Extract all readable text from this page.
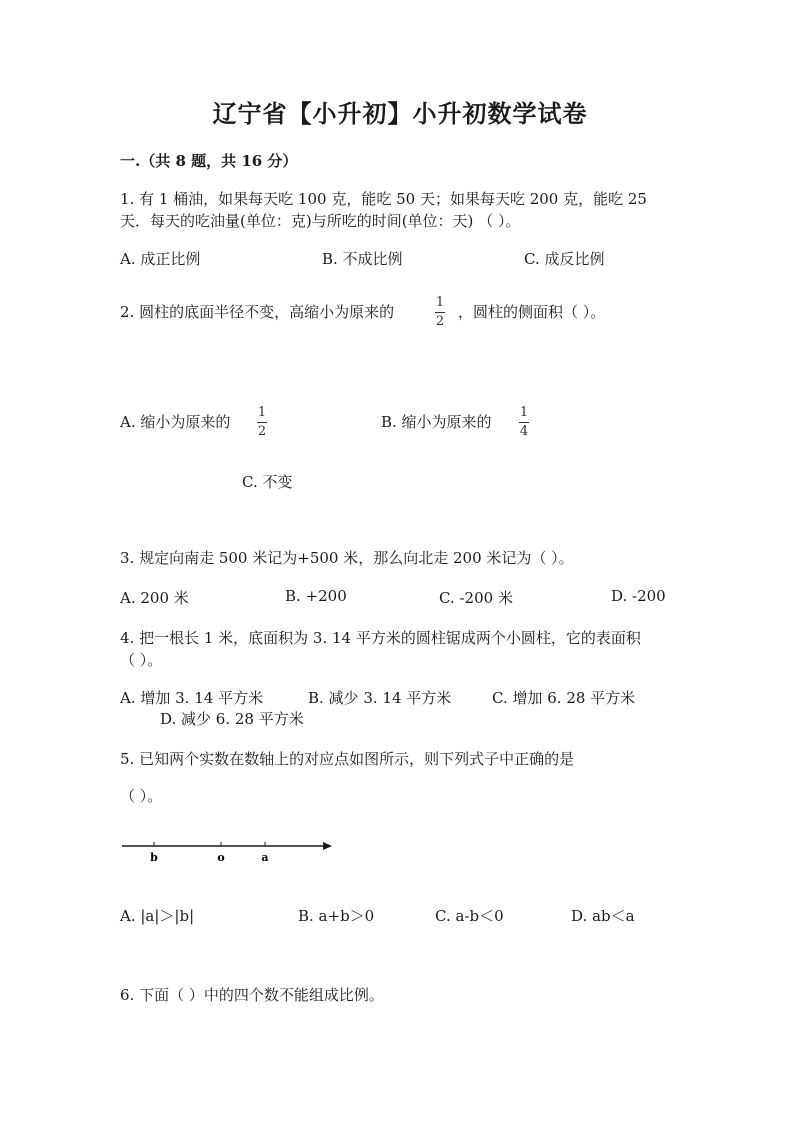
辽宁省【小升初】小升初数学试卷
一.（共 8 题，共 16 分）
1. 有 1 桶油，如果每天吃 100 克，能吃 50 天；如果每天吃 200 克，能吃 25
天．每天的吃油量(单位：克)与所吃的时间(单位：天) （ ）。
A. 成正比例	B. 不成比例	C. 成反比例
2. 圆柱的底面半径不变，高缩小为原来的
1
2
，圆柱的侧面积（ ）。
A. 缩小为原来的
1
2
B. 缩小为原来的
1
4
C. 不变
3. 规定向南走 500 米记为+500 米，那么向北走 200 米记为（ ）。
A. 200 米	B. +200	C. -200 米	D. -200
4. 把一根长 1 米，底面积为 3. 14 平方米的圆柱锯成两个小圆柱，它的表面积
（ ）。
A. 增加 3. 14 平方米	B. 减少 3. 14 平方米	C. 增加 6. 28 平方米
D. 减少 6. 28 平方米
5. 已知两个实数在数轴上的对应点如图所示，则下列式子中正确的是
（ ）。
b	o	a
A. |a|＞|b|	B. a+b＞0	C. a-b＜0	D. ab＜a
6. 下面（ ）中的四个数不能组成比例。
